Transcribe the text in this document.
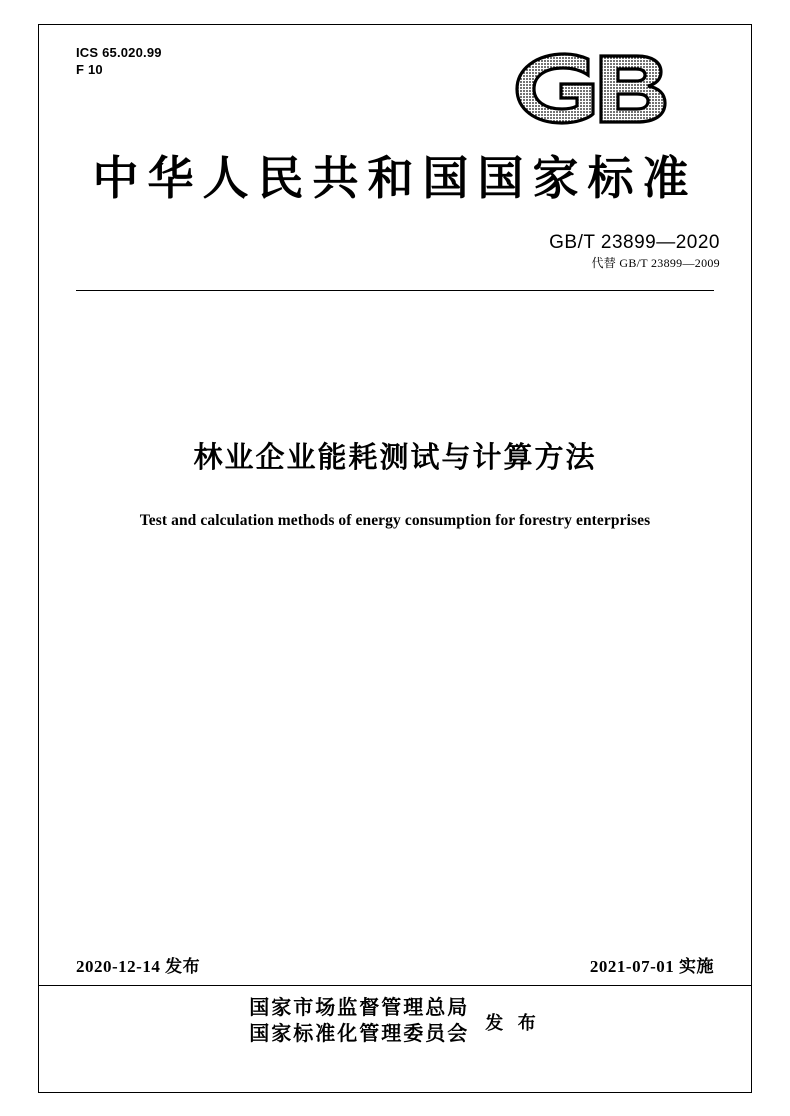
ICS 65.020.99
F 10
中华人民共和国国家标准
GB/T 23899—2020
代替 GB/T 23899—2009
林业企业能耗测试与计算方法
Test and calculation methods of energy consumption for forestry enterprises
2020-12-14 发布	2021-07-01 实施
国家市场监督管理总局
国家标准化管理委员会 发 布
